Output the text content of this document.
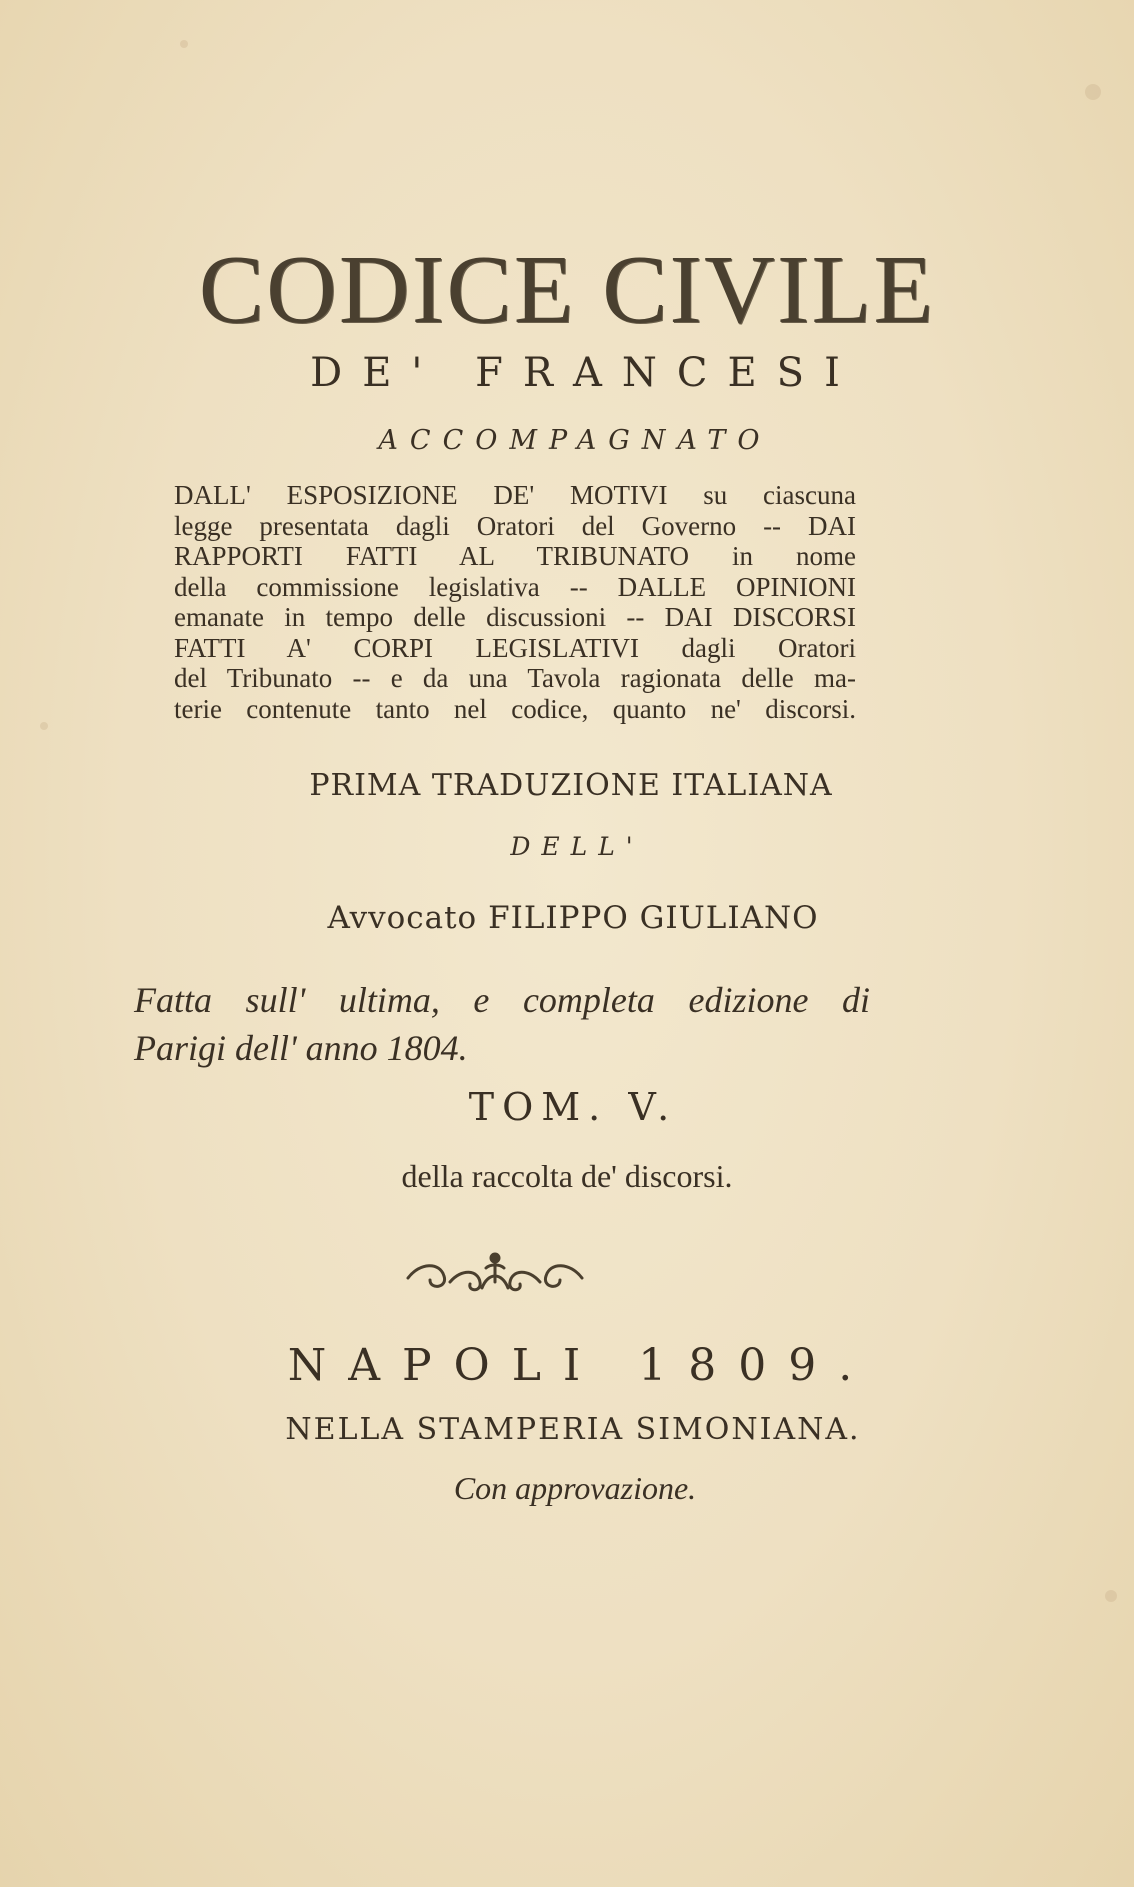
CODICE CIVILE
DE' FRANCESI
ACCOMPAGNATO
DALL' ESPOSIZIONE DE' MOTIVI su ciascuna
legge presentata dagli Oratori del Governo -- DAI
RAPPORTI FATTI AL TRIBUNATO in nome
della commissione legislativa -- DALLE OPINIONI
emanate in tempo delle discussioni -- DAI DISCORSI
FATTI A' CORPI LEGISLATIVI dagli Oratori
del Tribunato -- e da una Tavola ragionata delle ma-
terie contenute tanto nel codice, quanto ne' discorsi.
PRIMA TRADUZIONE ITALIANA
DELL'
Avvocato FILIPPO GIULIANO
Fatta sull' ultima, e completa edizione di
Parigi dell' anno 1804.
TOM. V.
della raccolta de' discorsi.
NAPOLI 1809.
NELLA STAMPERIA SIMONIANA.
Con approvazione.
